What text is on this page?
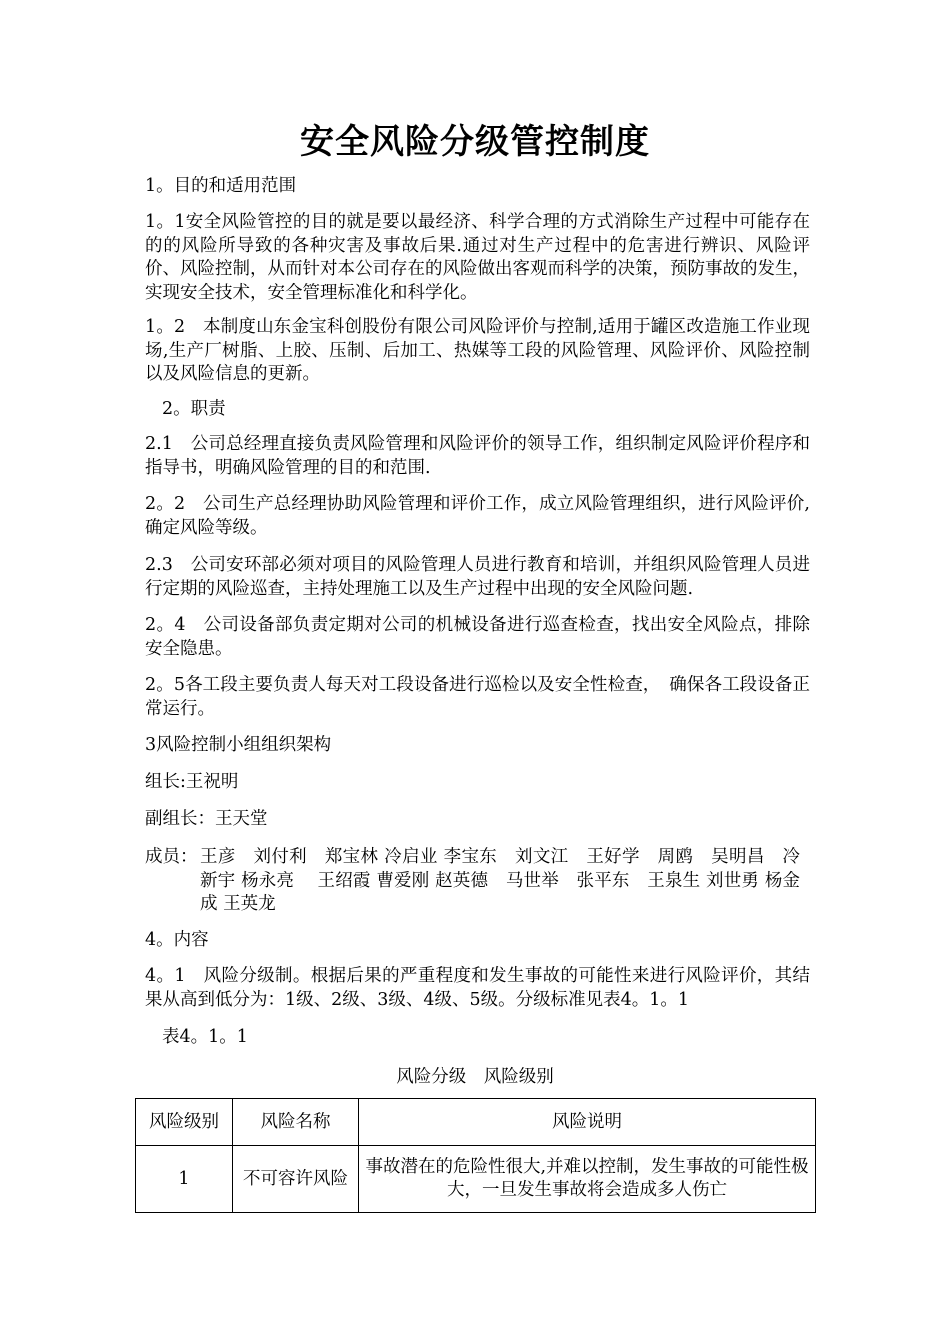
安全风险分级管控制度

1。目的和适用范围

1。1安全风险管控的目的就是要以最经济、科学合理的方式消除生产过程中可能存在的的风险所导致的各种灾害及事故后果.通过对生产过程中的危害进行辨识、风险评价、风险控制，从而针对本公司存在的风险做出客观而科学的决策，预防事故的发生，实现安全技术，安全管理标准化和科学化。

1。2　本制度山东金宝科创股份有限公司风险评价与控制,适用于罐区改造施工作业现场,生产厂树脂、上胶、压制、后加工、热媒等工段的风险管理、风险评价、风险控制以及风险信息的更新。

2。职责

2.1　公司总经理直接负责风险管理和风险评价的领导工作，组织制定风险评价程序和指导书，明确风险管理的目的和范围.

2。2　公司生产总经理协助风险管理和评价工作，成立风险管理组织，进行风险评价,确定风险等级。

2.3　公司安环部必须对项目的风险管理人员进行教育和培训，并组织风险管理人员进行定期的风险巡查，主持处理施工以及生产过程中出现的安全风险问题.

2。4　公司设备部负责定期对公司的机械设备进行巡查检查，找出安全风险点，排除安全隐患。

2。5各工段主要负责人每天对工段设备进行巡检以及安全性检查，　确保各工段设备正常运行。

3风险控制小组组织架构

组长:王祝明

副组长：王天堂

成员： 王彦　刘付利　郑宝林 冷启业 李宝东　刘文江　王好学　周鸥　吴明昌　冷新宇 杨永亮　 王绍霞 曹爱刚 赵英德　马世举　张平东　王泉生 刘世勇 杨金成 王英龙

4。内容

4。1　风险分级制。根据后果的严重程度和发生事故的可能性来进行风险评价，其结果从高到低分为：1级、2级、3级、4级、5级。分级标准见表4。1。1

表4。1。1

风险分级　风险级别
风险级别	风险名称	风险说明
1	不可容许风险	事故潜在的危险性很大,并难以控制，发生事故的可能性极大，一旦发生事故将会造成多人伤亡
